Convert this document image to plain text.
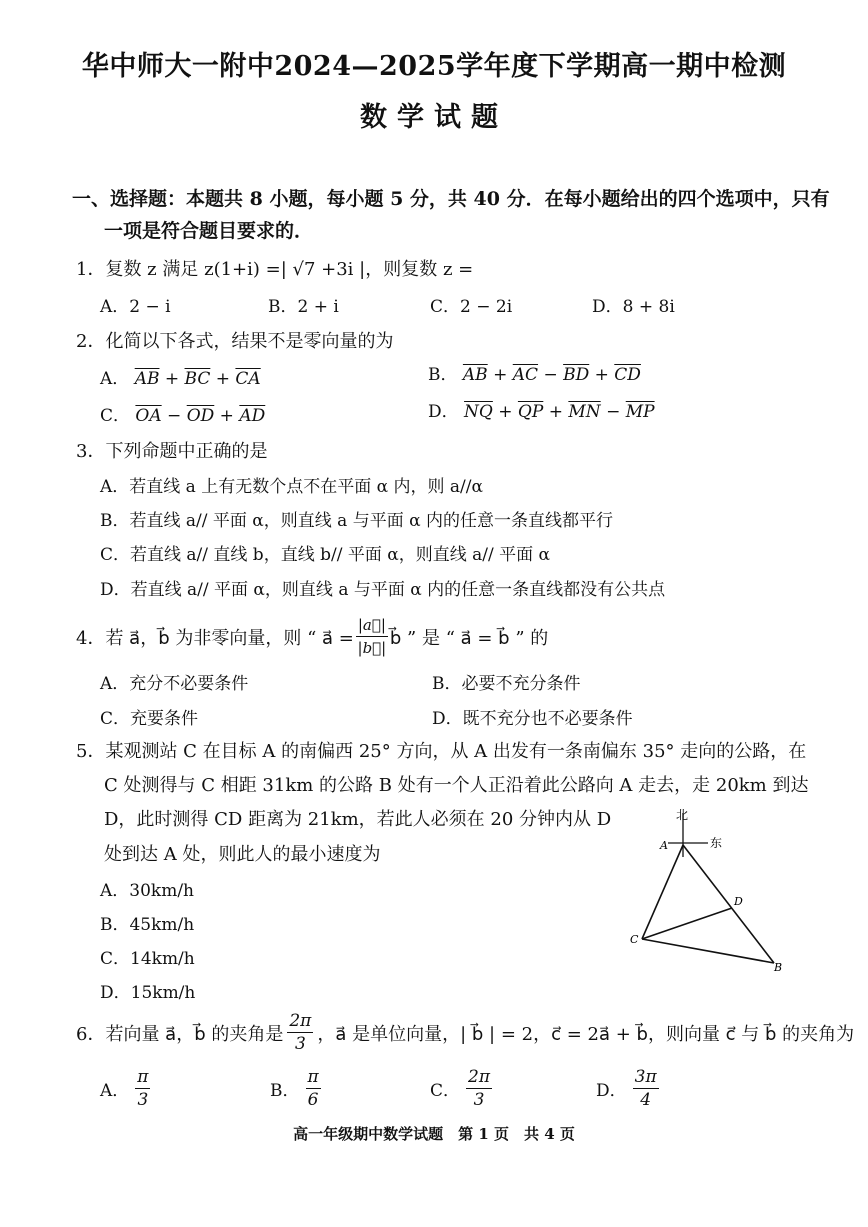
华中师大一附中2024—2025学年度下学期高一期中检测
数学试题
一、选择题：本题共 8 小题，每小题 5 分，共 40 分．在每小题给出的四个选项中，只有
一项是符合题目要求的．
1．复数 z 满足 z(1+i) =| √7 +3i |，则复数 z =
A．2 − i	B．2 + i	C．2 − 2i	D．8 + 8i
2．化简以下各式，结果不是零向量的为
A． $\overline{AB} + \overline{BC} + \overline{CA}$	B． $\overline{AB} + \overline{AC} - \overline{BD} + \overline{CD}$
C． $\overline{OA} - \overline{OD} + \overline{AD}$	D． $\overline{NQ} + \overline{QP} + \overline{MN} - \overline{MP}$
3．下列命题中正确的是
A．若直线 a 上有无数个点不在平面 α 内，则 a//α
B．若直线 a// 平面 α，则直线 a 与平面 α 内的任意一条直线都平行
C．若直线 a// 直线 b，直线 b// 平面 α，则直线 a// 平面 α
D．若直线 a// 平面 α，则直线 a 与平面 α 内的任意一条直线都没有公共点
4．若 a⃗，b⃗ 为非零向量，则 “ a⃗ = $\frac{|a⃗|}{|b⃗|}$ b⃗ ” 是 “ a⃗ = b⃗ ” 的
A．充分不必要条件	B．必要不充分条件
C．充要条件	D．既不充分也不必要条件
5．某观测站 C 在目标 A 的南偏西 25° 方向，从 A 出发有一条南偏东 35° 走向的公路，在
C 处测得与 C 相距 31km 的公路 B 处有一个人正沿着此公路向 A 走去，走 20km 到达
D，此时测得 CD 距离为 21km，若此人必须在 20 分钟内从 D
处到达 A 处，则此人的最小速度为
A．30km/h
B．45km/h
C．14km/h
D．15km/h
北
东
A
D
C
B
6．若向量 a⃗，b⃗ 的夹角是 $\frac{2\pi}{3}$ ，a⃗ 是单位向量，| b⃗ | = 2，c⃗ = 2a⃗ + b⃗，则向量 c⃗ 与 b⃗ 的夹角为
A． $\frac{\pi}{3}$	B． $\frac{\pi}{6}$	C． $\frac{2\pi}{3}$	D． $\frac{3\pi}{4}$
高一年级期中数学试题　第 1 页　共 4 页
